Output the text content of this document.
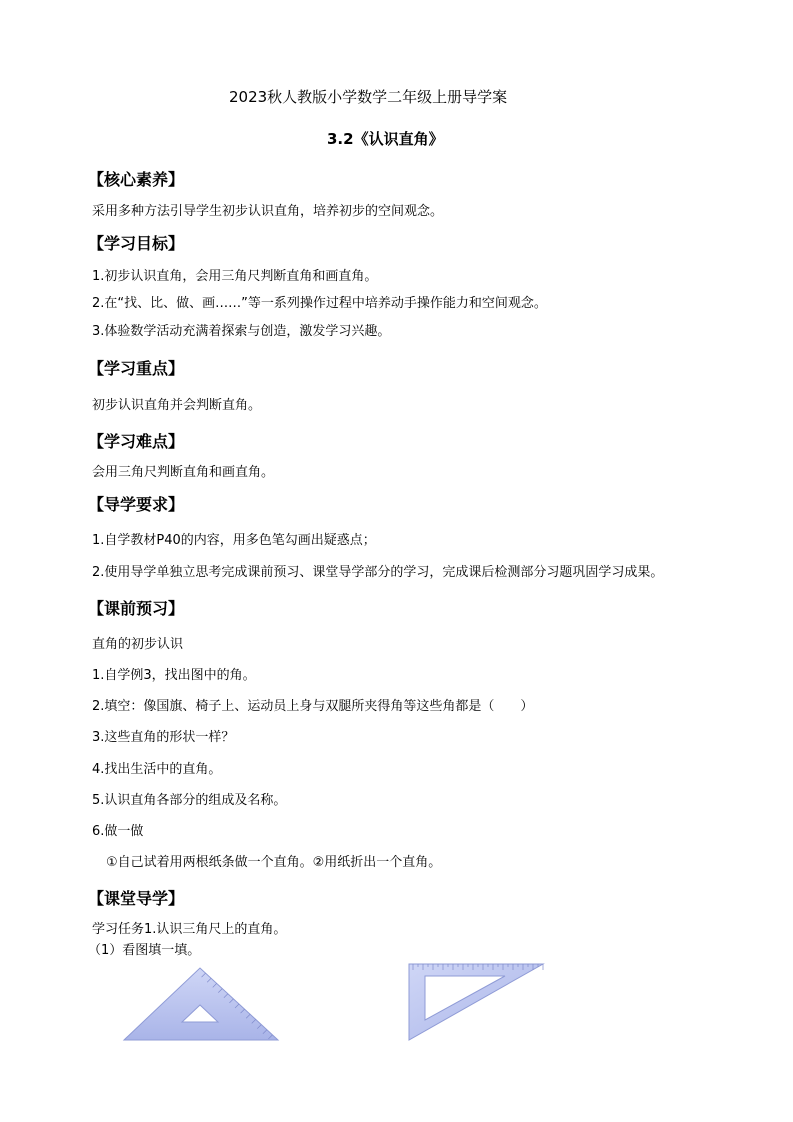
2023秋人教版小学数学二年级上册导学案
3.2《认识直角》
【核心素养】
采用多种方法引导学生初步认识直角，培养初步的空间观念。
【学习目标】
1.初步认识直角，会用三角尺判断直角和画直角。
2.在“找、比、做、画……”等一系列操作过程中培养动手操作能力和空间观念。
3.体验数学活动充满着探索与创造，激发学习兴趣。
【学习重点】
初步认识直角并会判断直角。
【学习难点】
会用三角尺判断直角和画直角。
【导学要求】
1.自学教材P40的内容，用多色笔勾画出疑惑点；
2.使用导学单独立思考完成课前预习、课堂导学部分的学习，完成课后检测部分习题巩固学习成果。
【课前预习】
直角的初步认识
1.自学例3，找出图中的角。
2.填空：像国旗、椅子上、运动员上身与双腿所夹得角等这些角都是（　　）
3.这些直角的形状一样？
4.找出生活中的直角。
5.认识直角各部分的组成及名称。
6.做一做
①自己试着用两根纸条做一个直角。②用纸折出一个直角。
【课堂导学】
学习任务1.认识三角尺上的直角。
（1）看图填一填。
